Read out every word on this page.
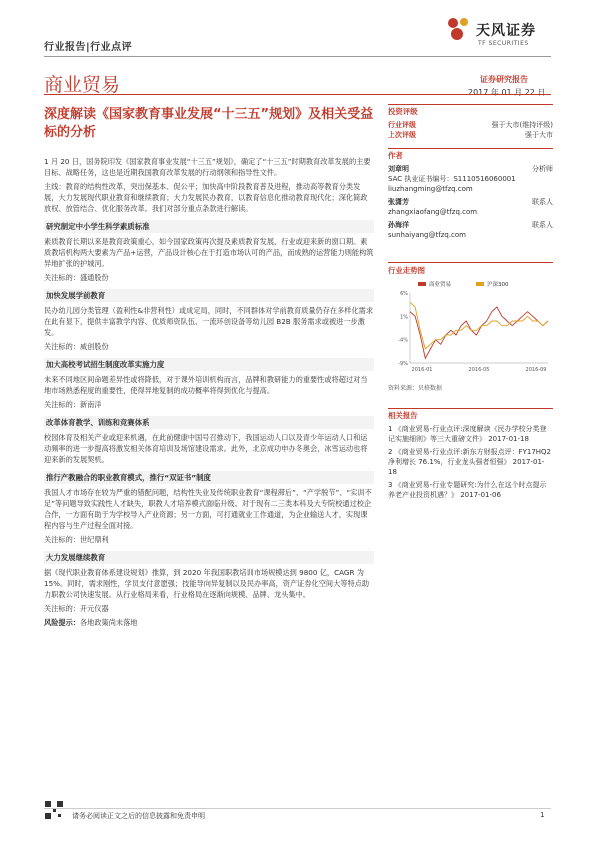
行业报告|行业点评
天风证券
TF SECURITIES
商业贸易	证券研究报告
2017 年 01 月 22 日
深度解读《国家教育事业发展“十三五”规划》及相关受益标的分析

1 月 20 日，国务院印发《国家教育事业发展“十三五”规划》，确定了“十三五”时期教育改革发展的主要目标、战略任务，这也是近期我国教育改革发展的行动纲领和指导性文件。

主线：教育的结构性改革，突出保基本、促公平；加快高中阶段教育普及进程，推动高等教育分类发展，大力发展现代职业教育和继续教育；大力发展民办教育，以教育信息化推动教育现代化；深化简政放权、放管结合、优化服务改革。我们对部分重点条款进行解读。

研究制定中小学生科学素质标准

素质教育长期以来是教育政策重心，如今国家政策再次提及素质教育发展，行业或迎来新的窗口期。素质教培机构两大要素为产品+运营，产品设计核心在于打造市场认可的产品，而成熟的运营能力则能构筑异地扩张的护城河。

关注标的：盛通股份

加快发展学前教育

民办幼儿园分类管理（盈利性&非营利性）或成定局，同时，不同群体对学前教育质量仍存在多样化需求在此有显下，提供丰富教学内容、优质师资队伍、一流环创设备等幼儿园 B2B 服务需求或被进一步激发。

关注标的：威创股份

加大高校考试招生制度改革实施力度

未来不同地区间命题差异性或将降低，对于课外培训机构而言，品牌和教研能力的重要性或将超过对当地市场熟悉程度的重要性，使得异地复制的成功概率将得到优化与提高。

关注标的：新南洋

改革体育教学、训练和竞赛体系

校园体育及相关产业或迎来机遇，在此前健康中国号召推动下，我国运动人口以及青少年运动人口和运动频率的进一步提高将激发相关体育培训及场馆建设需求。此外，北京成功申办冬奥会，冰雪运动也将迎来新的发展契机。

推行产教融合的职业教育模式，推行“双证书”制度

我国人才市场存在较为严重的错配问题，结构性失业及传统职业教育“课程滞后”、“产学脱节”、“实训不足”等问题导致实践性人才缺失，职教人才培养模式面临升级。对于现有二三类本科及大专院校通过校企合作，一方面有助于为学校导入产业资源；另一方面，可打通就业工作通道，为企业输送人才，实现课程内容与生产过程全面对接。

关注标的：世纪鼎利

大力发展继续教育

据《现代职业教育体系建设规划》推算，到 2020 年我国职教培训市场规模达到 9800 亿，CAGR 为 15%。同时，需求刚性，学员支付意愿强；技能导向异复制以及民办率高，资产证券化空间大等特点助力职教公司快速发展。从行业格局来看，行业格局在逐渐向规模、品牌、龙头集中。

关注标的：开元仪器

风险提示：各地政策尚未落地

投资评级
行业评级	强于大市(维持评级)
上次评级	强于大市
作者
刘章明	分析师
SAC 执业证书编号：S1110516060001
liuzhangming@tfzq.com
张潇芳	联系人
zhangxiaofang@tfzq.com
孙海洋	联系人
sunhaiyang@tfzq.com
行业走势图
6%
1%
-4%
-9%
2016-01	2016-05	2016-09
商业贸易	沪深300
资料来源：贝格数据
相关报告
1 《商业贸易-行业点评:深度解读《民办学校分类登记实施细则》等三大重磅文件》 2017-01-18
2 《商业贸易-行业点评:新东方财报点评：FY17HQ2 净利增长 76.1%，行业龙头强者恒强》 2017-01-18
3 《商业贸易-行业专题研究:为什么在这个时点提示养老产业投资机遇？》 2017-01-06
请务必阅读正文之后的信息披露和免责申明	1
